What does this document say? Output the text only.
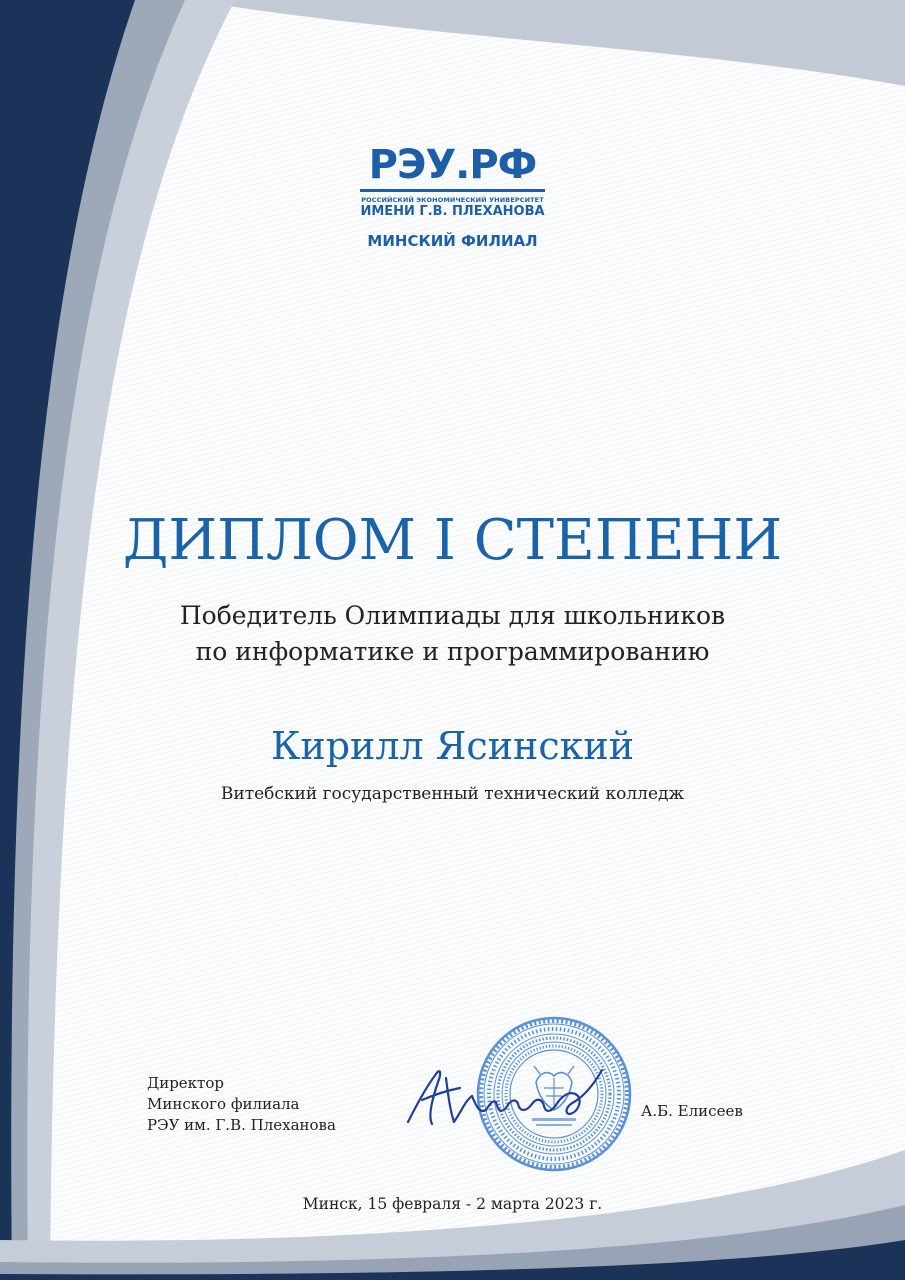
РЭУ.РФ
РОССИЙСКИЙ ЭКОНОМИЧЕСКИЙ УНИВЕРСИТЕТ
ИМЕНИ Г.В. ПЛЕХАНОВА
МИНСКИЙ ФИЛИАЛ
ДИПЛОМ I СТЕПЕНИ
Победитель Олимпиады для школьников
по информатике и программированию
Кирилл Ясинский
Витебский государственный технический колледж
Директор
Минского филиала
РЭУ им. Г.В. Плеханова
А.Б. Елисеев
Минск, 15 февраля - 2 марта 2023 г.
